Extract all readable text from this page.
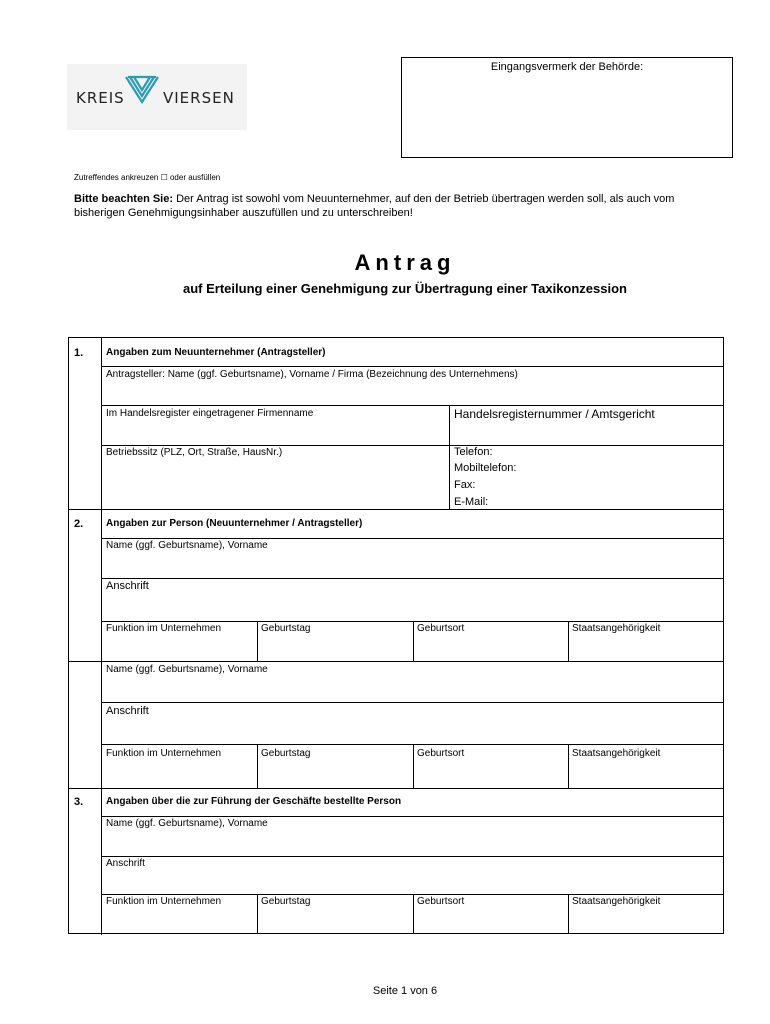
KREIS	VIERSEN
Eingangsvermerk der Behörde:
Zutreffendes ankreuzen ☐ oder ausfüllen
Bitte beachten Sie: Der Antrag ist sowohl vom Neuunternehmer, auf den der Betrieb übertragen werden soll, als auch vom bisherigen Genehmigungsinhaber auszufüllen und zu unterschreiben!
Antrag
auf Erteilung einer Genehmigung zur Übertragung einer Taxikonzession
1. Angaben zum Neuunternehmer (Antragsteller)
Antragsteller: Name (ggf. Geburtsname), Vorname / Firma (Bezeichnung des Unternehmens)
Im Handelsregister eingetragener Firmenname	Handelsregisternummer / Amtsgericht
Betriebssitz (PLZ, Ort, Straße, HausNr.)	Telefon:
Mobiltelefon:
Fax:
E-Mail:
2. Angaben zur Person (Neuunternehmer / Antragsteller)
Name (ggf. Geburtsname), Vorname
Anschrift
Funktion im Unternehmen	Geburtstag	Geburtsort	Staatsangehörigkeit
Name (ggf. Geburtsname), Vorname
Anschrift
Funktion im Unternehmen	Geburtstag	Geburtsort	Staatsangehörigkeit
3. Angaben über die zur Führung der Geschäfte bestellte Person
Name (ggf. Geburtsname), Vorname
Anschrift
Funktion im Unternehmen	Geburtstag	Geburtsort	Staatsangehörigkeit
Seite 1 von 6
